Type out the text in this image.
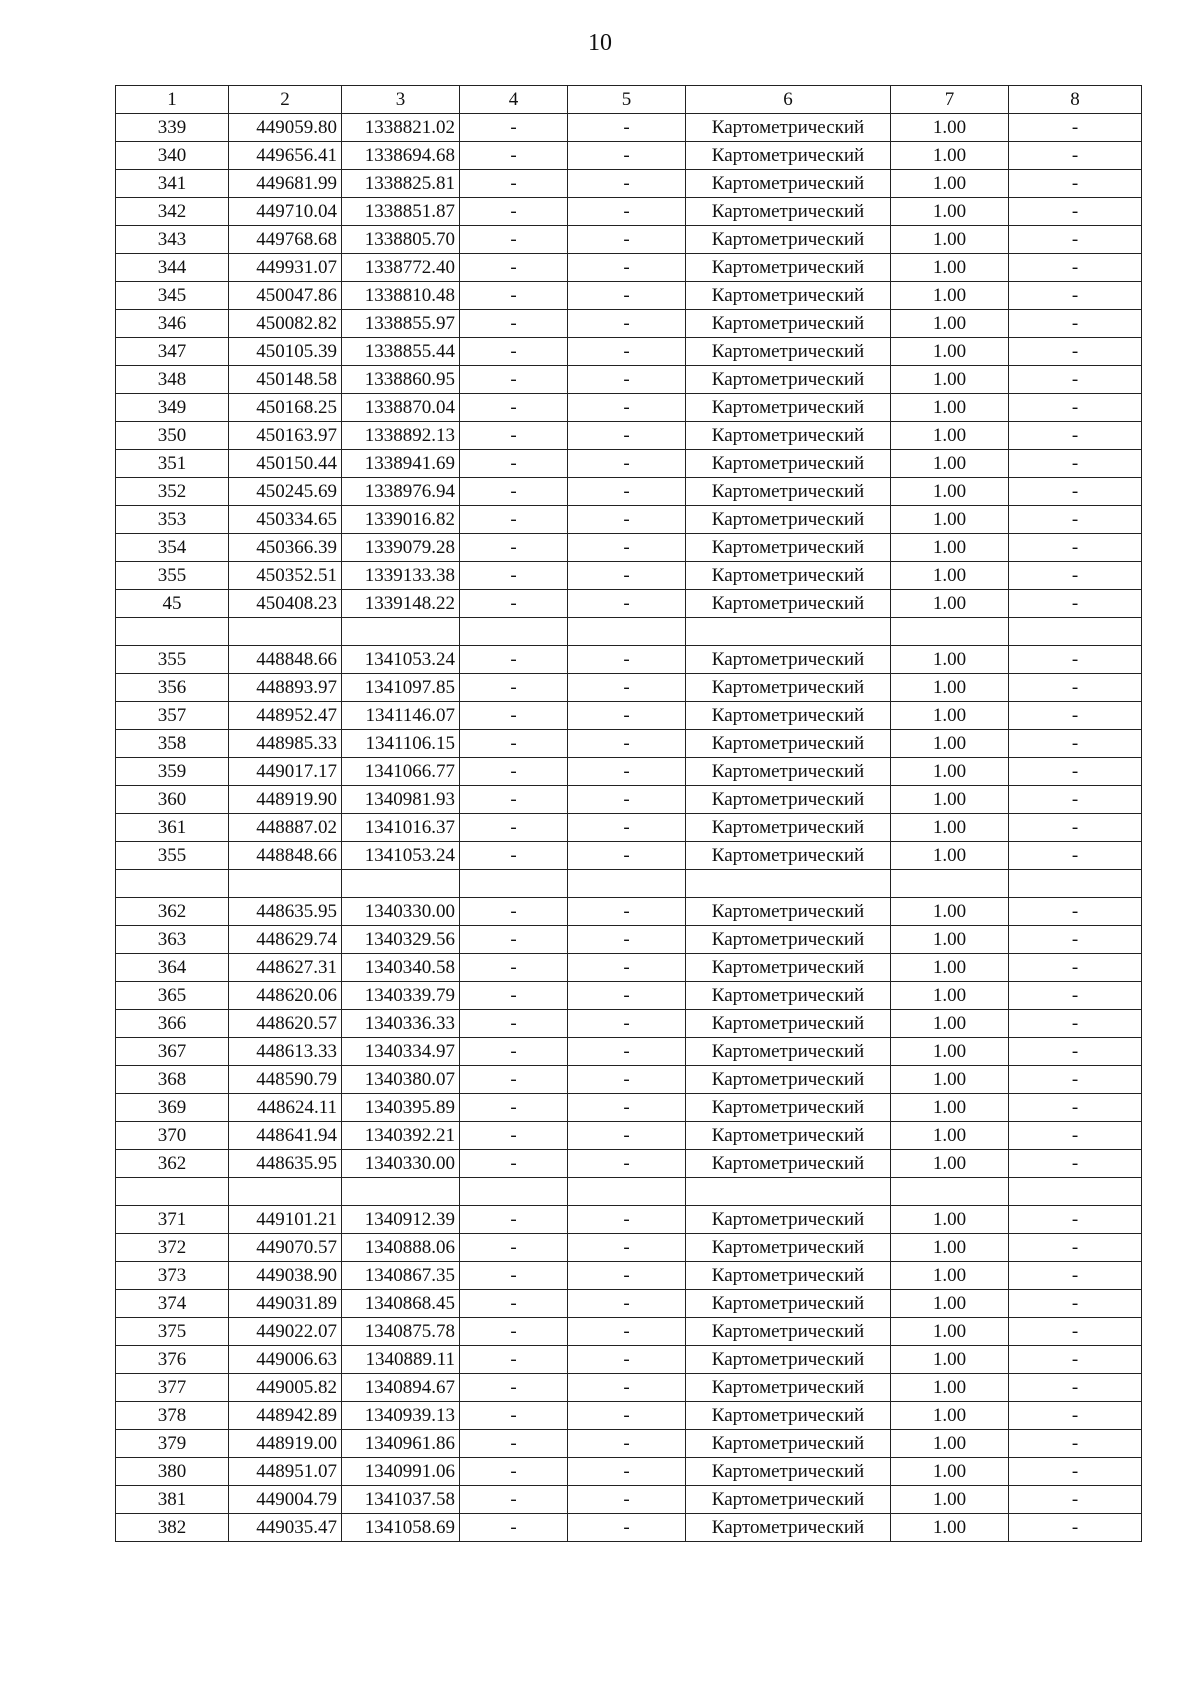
10
1	2	3	4	5	6	7	8
339	449059.80	1338821.02	-	-	Картометрический	1.00	-
340	449656.41	1338694.68	-	-	Картометрический	1.00	-
341	449681.99	1338825.81	-	-	Картометрический	1.00	-
342	449710.04	1338851.87	-	-	Картометрический	1.00	-
343	449768.68	1338805.70	-	-	Картометрический	1.00	-
344	449931.07	1338772.40	-	-	Картометрический	1.00	-
345	450047.86	1338810.48	-	-	Картометрический	1.00	-
346	450082.82	1338855.97	-	-	Картометрический	1.00	-
347	450105.39	1338855.44	-	-	Картометрический	1.00	-
348	450148.58	1338860.95	-	-	Картометрический	1.00	-
349	450168.25	1338870.04	-	-	Картометрический	1.00	-
350	450163.97	1338892.13	-	-	Картометрический	1.00	-
351	450150.44	1338941.69	-	-	Картометрический	1.00	-
352	450245.69	1338976.94	-	-	Картометрический	1.00	-
353	450334.65	1339016.82	-	-	Картометрический	1.00	-
354	450366.39	1339079.28	-	-	Картометрический	1.00	-
355	450352.51	1339133.38	-	-	Картометрический	1.00	-
45	450408.23	1339148.22	-	-	Картометрический	1.00	-

355	448848.66	1341053.24	-	-	Картометрический	1.00	-
356	448893.97	1341097.85	-	-	Картометрический	1.00	-
357	448952.47	1341146.07	-	-	Картометрический	1.00	-
358	448985.33	1341106.15	-	-	Картометрический	1.00	-
359	449017.17	1341066.77	-	-	Картометрический	1.00	-
360	448919.90	1340981.93	-	-	Картометрический	1.00	-
361	448887.02	1341016.37	-	-	Картометрический	1.00	-
355	448848.66	1341053.24	-	-	Картометрический	1.00	-

362	448635.95	1340330.00	-	-	Картометрический	1.00	-
363	448629.74	1340329.56	-	-	Картометрический	1.00	-
364	448627.31	1340340.58	-	-	Картометрический	1.00	-
365	448620.06	1340339.79	-	-	Картометрический	1.00	-
366	448620.57	1340336.33	-	-	Картометрический	1.00	-
367	448613.33	1340334.97	-	-	Картометрический	1.00	-
368	448590.79	1340380.07	-	-	Картометрический	1.00	-
369	448624.11	1340395.89	-	-	Картометрический	1.00	-
370	448641.94	1340392.21	-	-	Картометрический	1.00	-
362	448635.95	1340330.00	-	-	Картометрический	1.00	-

371	449101.21	1340912.39	-	-	Картометрический	1.00	-
372	449070.57	1340888.06	-	-	Картометрический	1.00	-
373	449038.90	1340867.35	-	-	Картометрический	1.00	-
374	449031.89	1340868.45	-	-	Картометрический	1.00	-
375	449022.07	1340875.78	-	-	Картометрический	1.00	-
376	449006.63	1340889.11	-	-	Картометрический	1.00	-
377	449005.82	1340894.67	-	-	Картометрический	1.00	-
378	448942.89	1340939.13	-	-	Картометрический	1.00	-
379	448919.00	1340961.86	-	-	Картометрический	1.00	-
380	448951.07	1340991.06	-	-	Картометрический	1.00	-
381	449004.79	1341037.58	-	-	Картометрический	1.00	-
382	449035.47	1341058.69	-	-	Картометрический	1.00	-
